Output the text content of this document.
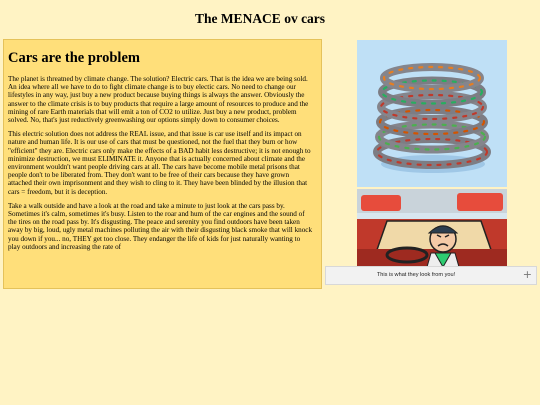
The MENACE ov cars
Cars are the problem

The planet is threatned by climate change. The solution? Electric cars. That is the idea we are being sold. An idea where all we have to do to fight climate change is to buy electic cars. No need to change our lifestyles in any way, just buy a new product because buying things is always the answer. Obviously the answer to the climate crisis is to buy products that require a large amount of resources to produce and the mining of rare Earth materials that will emit a ton of CO2 to utilize. Just buy a new product, problem solved. No, that's just reductively greenwashing our options simply down to consumer choices.

This electric solution does not address the REAL issue, and that issue is car use itself and its impact on nature and human life. It is our use of cars that must be questioned, not the fuel that they burn or how "efficient" they are. Electric cars only make the effects of a BAD habit less destructive; it is not enough to minimize destruction, we must ELIMINATE it. Anyone that is actually concerned about climate and the environment wouldn't want people driving cars at all. The cars have become mobile metal prisons that people don't to be liberated from. They don't want to be free of their cars because they have grown attached their own imprisonment and they wish to cling to it. They have been blinded by the illusion that cars = freedom, but it is deception.

Take a walk outside and have a look at the road and take a minute to just look at the cars pass by. Sometimes it's calm, sometimes it's busy. Listen to the roar and hum of the car engines and the sound of the tires on the road pass by. It's disgusting. The peace and serenity you find outdoors have been taken away by big, loud, ugly metal machines polluting the air with their disgusting black smoke that will knock you down if you... no, THEY get too close. They endanger the life of kids for just naturally wanting to play outdoors and increasing the rate of

This is what they look from you!	+
